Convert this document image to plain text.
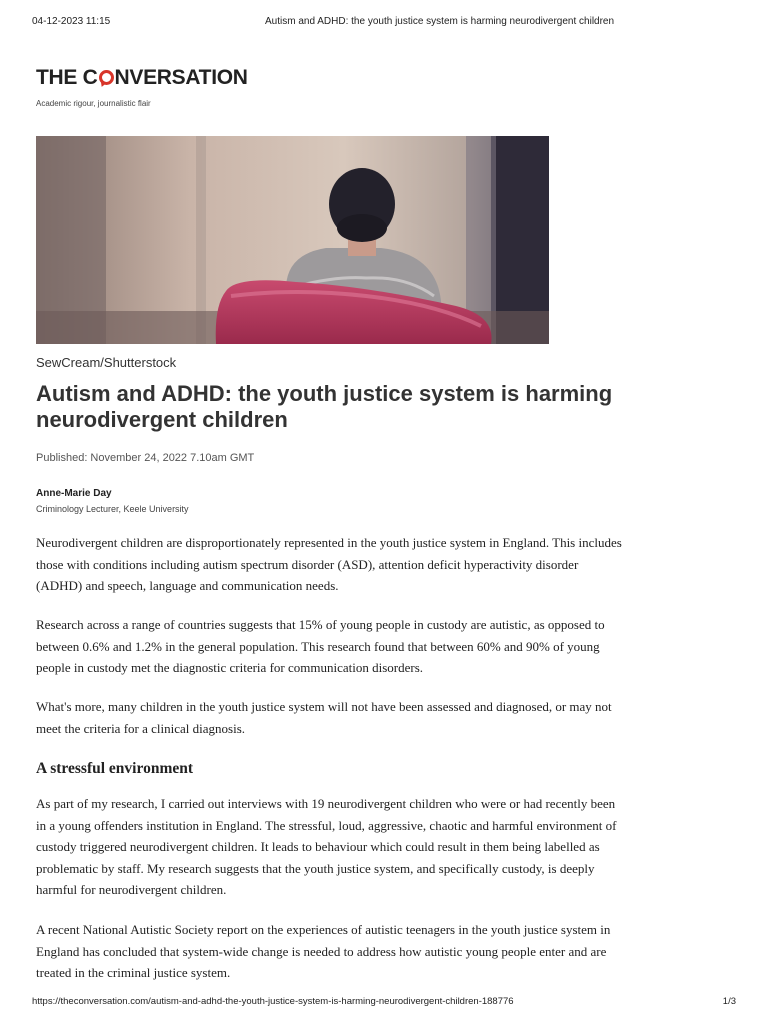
04-12-2023 11:15	Autism and ADHD: the youth justice system is harming neurodivergent children
THE C NVERSATION
Academic rigour, journalistic flair
SewCream/Shutterstock
Autism and ADHD: the youth justice system is harming neurodivergent children
Published: November 24, 2022 7.10am GMT
Anne-Marie Day
Criminology Lecturer, Keele University

Neurodivergent children are disproportionately represented in the youth justice system in England. This includes those with conditions including autism spectrum disorder (ASD), attention deficit hyperactivity disorder (ADHD) and speech, language and communication needs.

Research across a range of countries suggests that 15% of young people in custody are autistic, as opposed to between 0.6% and 1.2% in the general population. This research found that between 60% and 90% of young people in custody met the diagnostic criteria for communication disorders.

What's more, many children in the youth justice system will not have been assessed and diagnosed, or may not meet the criteria for a clinical diagnosis.

A stressful environment

As part of my research, I carried out interviews with 19 neurodivergent children who were or had recently been in a young offenders institution in England. The stressful, loud, aggressive, chaotic and harmful environment of custody triggered neurodivergent children. It leads to behaviour which could result in them being labelled as problematic by staff. My research suggests that the youth justice system, and specifically custody, is deeply harmful for neurodivergent children.

A recent National Autistic Society report on the experiences of autistic teenagers in the youth justice system in England has concluded that system-wide change is needed to address how autistic young people enter and are treated in the criminal justice system.

https://theconversation.com/autism-and-adhd-the-youth-justice-system-is-harming-neurodivergent-children-188776	1/3
